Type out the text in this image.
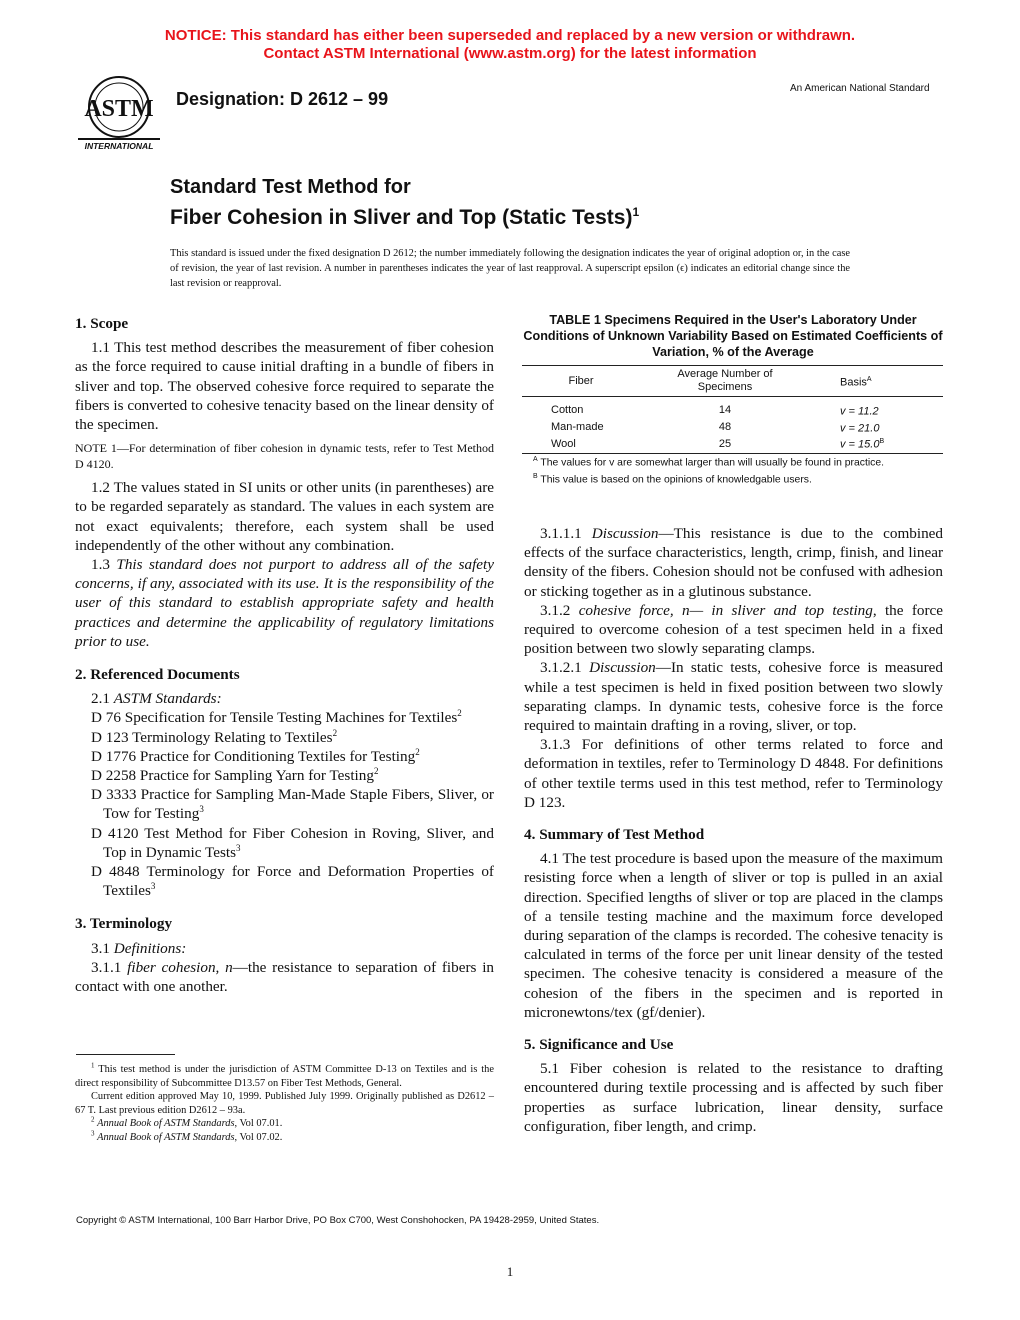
NOTICE: This standard has either been superseded and replaced by a new version or withdrawn.
Contact ASTM International (www.astm.org) for the latest information
ASTM
INTERNATIONAL
Designation: D 2612 – 99
An American National Standard
Standard Test Method for
Fiber Cohesion in Sliver and Top (Static Tests)$^1$
This standard is issued under the fixed designation D 2612; the number immediately following the designation indicates the year of original adoption or, in the case of revision, the year of last revision. A number in parentheses indicates the year of last reapproval. A superscript epsilon (ϵ) indicates an editorial change since the last revision or reapproval.
1. Scope

1.1 This test method describes the measurement of fiber cohesion as the force required to cause initial drafting in a bundle of fibers in sliver and top. The observed cohesive force required to separate the fibers is converted to cohesive tenacity based on the linear density of the specimen.

NOTE 1—For determination of fiber cohesion in dynamic tests, refer to Test Method D 4120.

1.2 The values stated in SI units or other units (in parentheses) are to be regarded separately as standard. The values in each system are not exact equivalents; therefore, each system shall be used independently of the other without any combination.

1.3 This standard does not purport to address all of the safety concerns, if any, associated with its use. It is the responsibility of the user of this standard to establish appropriate safety and health practices and determine the applicability of regulatory limitations prior to use.

2. Referenced Documents

2.1 ASTM Standards:

D 76 Specification for Tensile Testing Machines for Textiles$^2$

D 123 Terminology Relating to Textiles$^2$

D 1776 Practice for Conditioning Textiles for Testing$^2$

D 2258 Practice for Sampling Yarn for Testing$^2$

D 3333 Practice for Sampling Man-Made Staple Fibers, Sliver, or Tow for Testing$^3$

D 4120 Test Method for Fiber Cohesion in Roving, Sliver, and Top in Dynamic Tests$^3$

D 4848 Terminology for Force and Deformation Properties of Textiles$^3$

3. Terminology

3.1 Definitions:

3.1.1 fiber cohesion, n—the resistance to separation of fibers in contact with one another.

$^1$ This test method is under the jurisdiction of ASTM Committee D-13 on Textiles and is the direct responsibility of Subcommittee D13.57 on Fiber Test Methods, General.

Current edition approved May 10, 1999. Published July 1999. Originally published as D2612 – 67 T. Last previous edition D2612 – 93a.

$^2$ Annual Book of ASTM Standards, Vol 07.01.

$^3$ Annual Book of ASTM Standards, Vol 07.02.

TABLE 1 Specimens Required in the User's Laboratory Under Conditions of Unknown Variability Based on Estimated Coefficients of Variation, % of the Average
Fiber	Average Number of Specimens	Basis$^A$
Cotton	14	v = 11.2
Man-made	48	v = 21.0
Wool	25	$v = 15.0^B$
$^A$ The values for v are somewhat larger than will usually be found in practice.
$^B$ This value is based on the opinions of knowledgable users.

3.1.1.1 Discussion—This resistance is due to the combined effects of the surface characteristics, length, crimp, finish, and linear density of the fibers. Cohesion should not be confused with adhesion or sticking together as in a glutinous substance.

3.1.2 cohesive force, n— in sliver and top testing, the force required to overcome cohesion of a test specimen held in a fixed position between two slowly separating clamps.

3.1.2.1 Discussion—In static tests, cohesive force is measured while a test specimen is held in fixed position between two slowly separating clamps. In dynamic tests, cohesive force is the force required to maintain drafting in a roving, sliver, or top.

3.1.3 For definitions of other terms related to force and deformation in textiles, refer to Terminology D 4848. For definitions of other textile terms used in this test method, refer to Terminology D 123.

4. Summary of Test Method

4.1 The test procedure is based upon the measure of the maximum resisting force when a length of sliver or top is pulled in an axial direction. Specified lengths of sliver or top are placed in the clamps of a tensile testing machine and the maximum force developed during separation of the clamps is recorded. The cohesive tenacity is calculated in terms of the force per unit linear density of the tested specimen. The cohesive tenacity is considered a measure of the cohesion of the fibers in the specimen and is reported in micronewtons/tex (gf/denier).

5. Significance and Use

5.1 Fiber cohesion is related to the resistance to drafting encountered during textile processing and is affected by such fiber properties as surface lubrication, linear density, surface configuration, fiber length, and crimp.

Copyright © ASTM International, 100 Barr Harbor Drive, PO Box C700, West Conshohocken, PA 19428-2959, United States.
1
